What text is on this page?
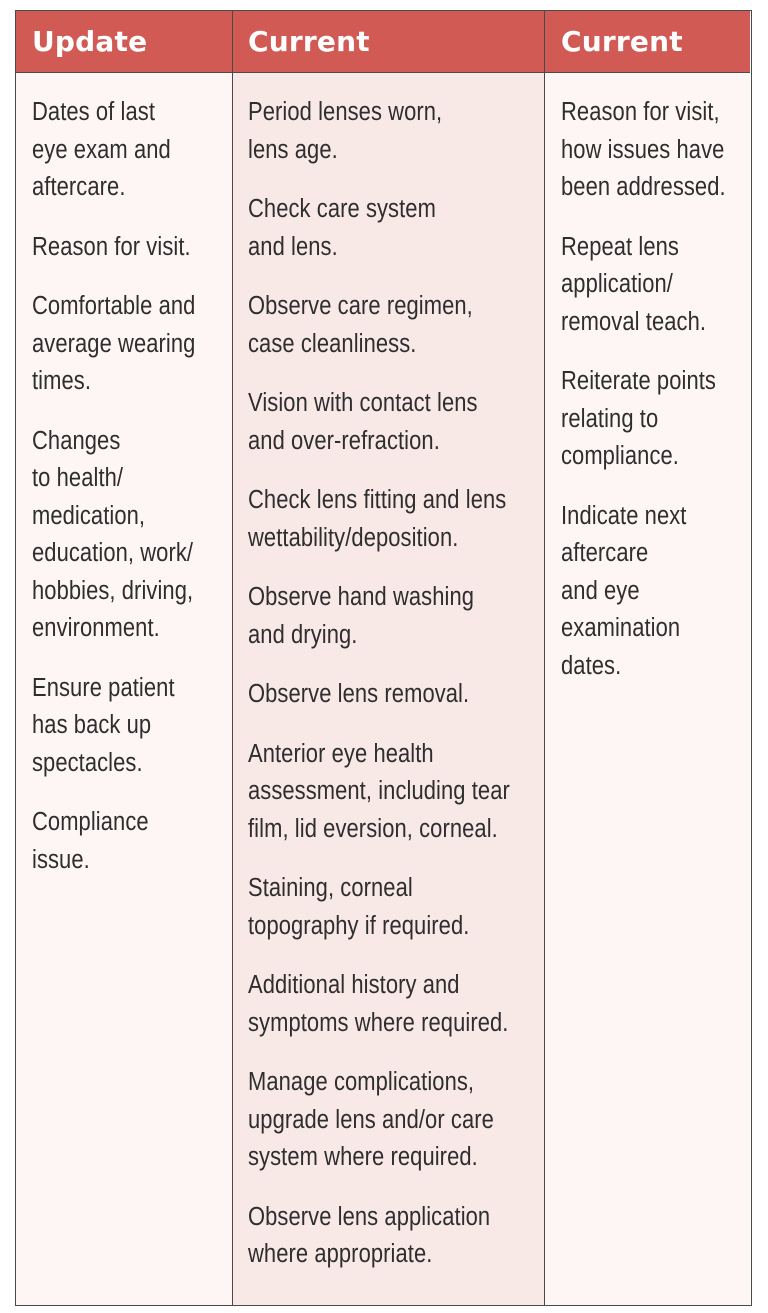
Update
Dates of last
eye exam and
aftercare.
Reason for visit.
Comfortable and
average wearing
times.
Changes
to health/
medication,
education, work/
hobbies, driving,
environment.
Ensure patient
has back up
spectacles.
Compliance
issue.
Current
Period lenses worn,
lens age.
Check care system
and lens.
Observe care regimen,
case cleanliness.
Vision with contact lens
and over-refraction.
Check lens fitting and lens
wettability/deposition.
Observe hand washing
and drying.
Observe lens removal.
Anterior eye health
assessment, including tear
film, lid eversion, corneal.
Staining, corneal
topography if required.
Additional history and
symptoms where required.
Manage complications,
upgrade lens and/or care
system where required.
Observe lens application
where appropriate.
Current
Reason for visit,
how issues have
been addressed.
Repeat lens
application/
removal teach.
Reiterate points
relating to
compliance.
Indicate next
aftercare
and eye
examination
dates.
